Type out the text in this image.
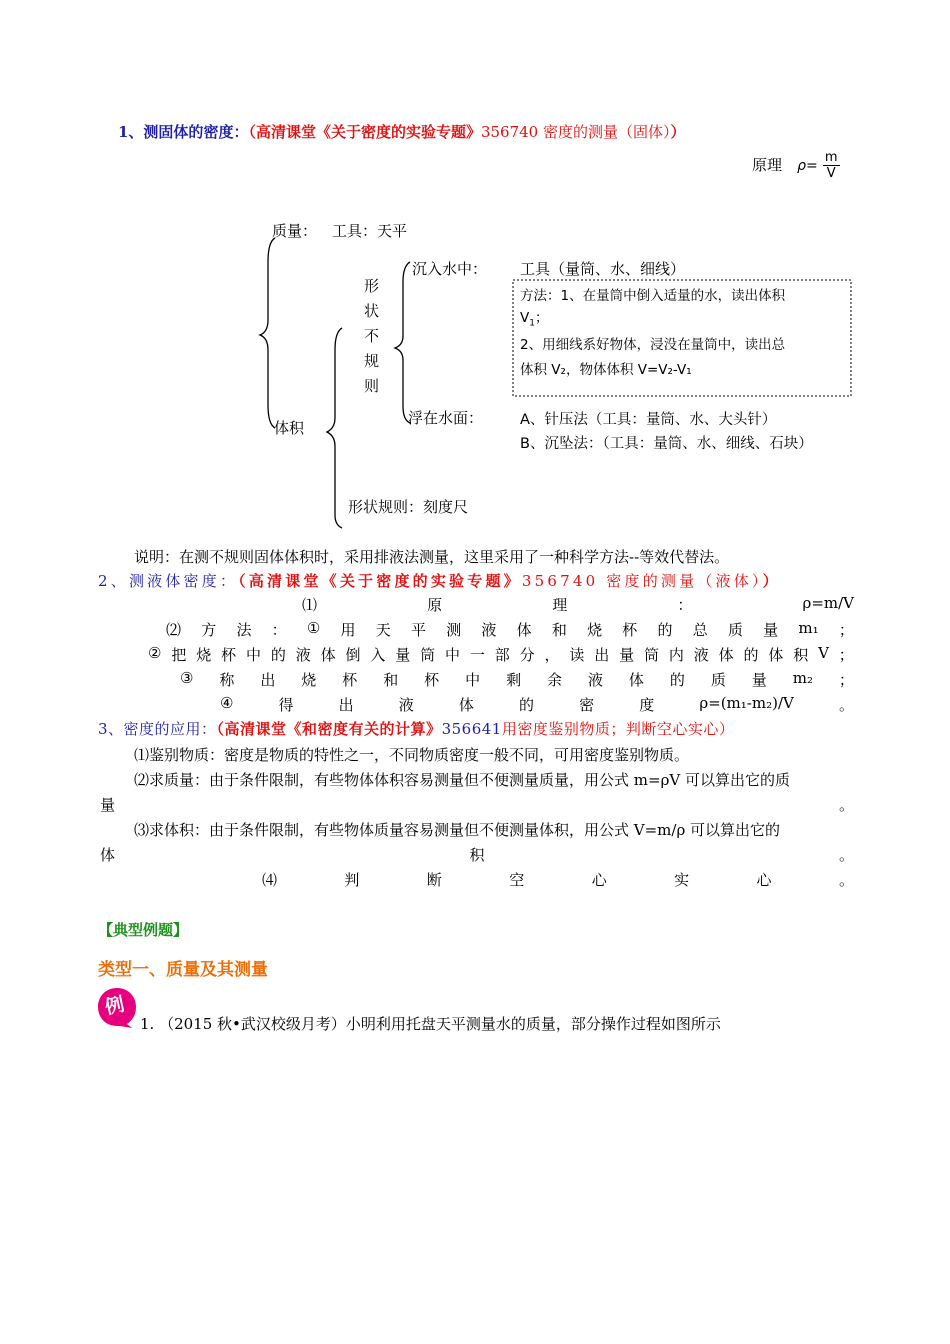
1、测固体的密度：（高清课堂《关于密度的实验专题》356740 密度的测量（固体））
原理 $\rho= \frac{m}{V}$
质量： 工具：天平
体积
形
状
不
规
则
沉入水中： 工具（量筒、水、细线）
方法：1、在量筒中倒入适量的水，读出体积
$V_1$；
2、用细线系好物体，浸没在量筒中，读出总
体积 V₂，物体体积 V=V₂-V₁
浮在水面：	A、针压法（工具：量筒、水、大头针）
B、沉坠法：（工具：量筒、水、细线、石块）
形状规则：刻度尺
说明：在测不规则固体体积时，采用排液法测量，这里采用了一种科学方法--等效代替法。
2、测液体密度：（高清课堂《关于密度的实验专题》356740 密度的测量（液体））
⑴	原	理	：	ρ=m/V
⑵ 方 法 ： ① 用 天 平 测 液 体 和 烧 杯 的 总 质 量 m₁ ；
② 把 烧 杯 中 的 液 体 倒 入 量 筒 中 一 部 分 ， 读 出 量 筒 内 液 体 的 体 积 V ；
③ 称 出 烧 杯 和 杯 中 剩 余 液 体 的 质 量 m₂ ；
④	得	出	液	体	的	密	度	ρ=(m₁-m₂)/V	。
3、密度的应用：（高清课堂《和密度有关的计算》356641用密度鉴别物质；判断空心实心）
⑴鉴别物质：密度是物质的特性之一，不同物质密度一般不同，可用密度鉴别物质。
⑵求质量：由于条件限制，有些物体体积容易测量但不便测量质量，用公式 m=ρV 可以算出它的质
量	。
⑶求体积：由于条件限制，有些物体质量容易测量但不便测量体积，用公式 V=m/ρ 可以算出它的
体	积	。
⑷	判	断	空	心	实	心	。
【典型例题】
类型一、质量及其测量
例
1. （2015 秋•武汉校级月考）小明利用托盘天平测量水的质量，部分操作过程如图所示
